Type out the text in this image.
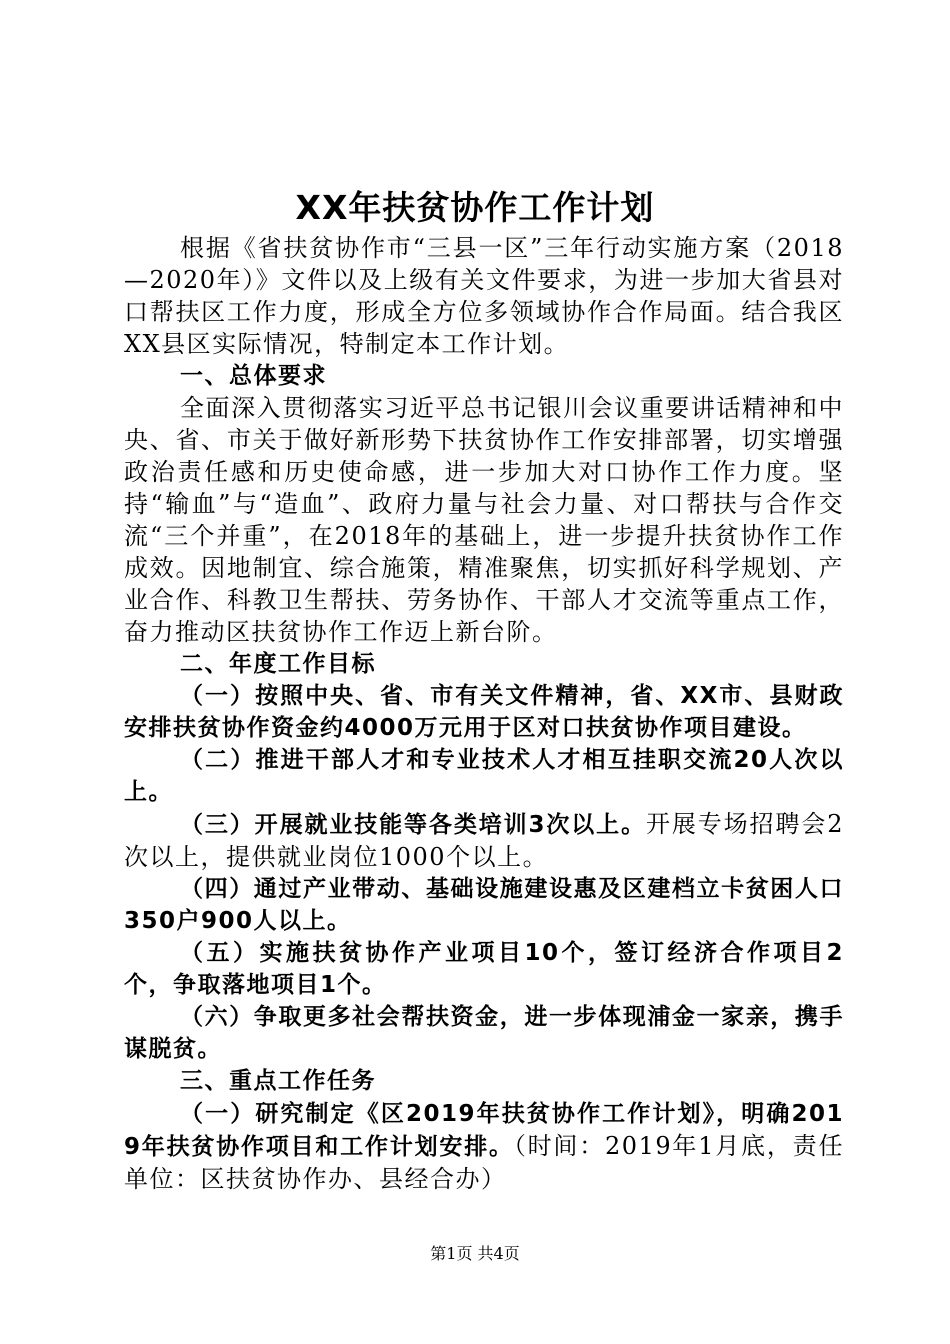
XX年扶贫协作工作计划

根据《省扶贫协作市“三县一区”三年行动实施方案（2018—2020年）》文件以及上级有关文件要求，为进一步加大省县对口帮扶区工作力度，形成全方位多领域协作合作局面。结合我区XX县区实际情况，特制定本工作计划。

一、总体要求

全面深入贯彻落实习近平总书记银川会议重要讲话精神和中央、省、市关于做好新形势下扶贫协作工作安排部署，切实增强政治责任感和历史使命感，进一步加大对口协作工作力度。坚持“输血”与“造血”、政府力量与社会力量、对口帮扶与合作交流“三个并重”，在2018年的基础上，进一步提升扶贫协作工作成效。因地制宜、综合施策，精准聚焦，切实抓好科学规划、产业合作、科教卫生帮扶、劳务协作、干部人才交流等重点工作，奋力推动区扶贫协作工作迈上新台阶。

二、年度工作目标

（一）按照中央、省、市有关文件精神，省、XX市、县财政安排扶贫协作资金约4000万元用于区对口扶贫协作项目建设。

（二）推进干部人才和专业技术人才相互挂职交流20人次以上。

（三）开展就业技能等各类培训3次以上。开展专场招聘会2次以上，提供就业岗位1000个以上。

（四）通过产业带动、基础设施建设惠及区建档立卡贫困人口350户900人以上。

（五）实施扶贫协作产业项目10个，签订经济合作项目2个，争取落地项目1个。

（六）争取更多社会帮扶资金，进一步体现浦金一家亲，携手谋脱贫。

三、重点工作任务

（一）研究制定《区2019年扶贫协作工作计划》，明确2019年扶贫协作项目和工作计划安排。（时间：2019年1月底，责任单位：区扶贫协作办、县经合办）

第1页 共4页
